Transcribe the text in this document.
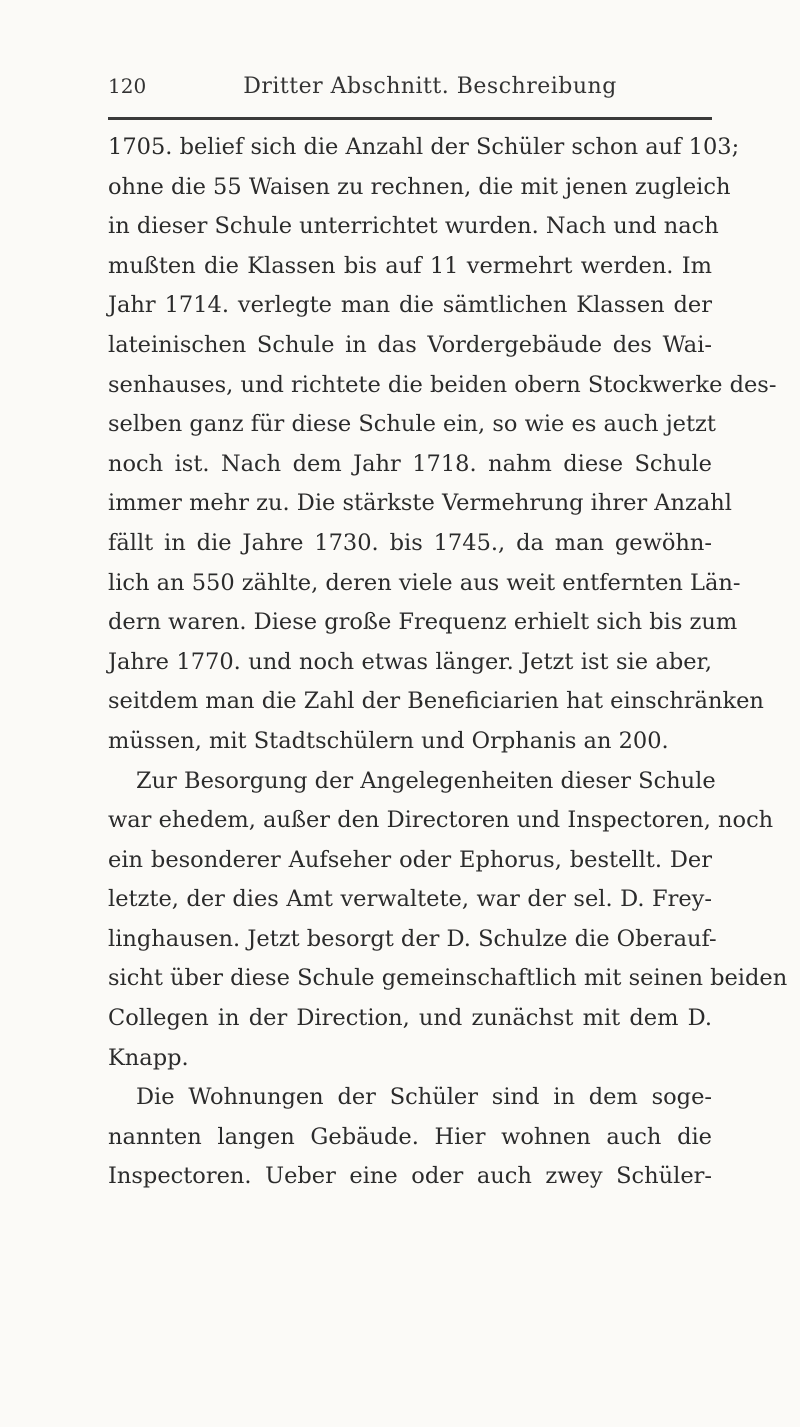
120	Dritter Abschnitt. Beschreibung
1705. belief sich die Anzahl der Schüler schon auf 103;
ohne die 55 Waisen zu rechnen, die mit jenen zugleich
in dieser Schule unterrichtet wurden. Nach und nach
mußten die Klassen bis auf 11 vermehrt werden. Im
Jahr 1714. verlegte man die sämtlichen Klassen der
lateinischen Schule in das Vordergebäude des Wai-
senhauses, und richtete die beiden obern Stockwerke des-
selben ganz für diese Schule ein, so wie es auch jetzt
noch ist. Nach dem Jahr 1718. nahm diese Schule
immer mehr zu. Die stärkste Vermehrung ihrer Anzahl
fällt in die Jahre 1730. bis 1745., da man gewöhn-
lich an 550 zählte, deren viele aus weit entfernten Län-
dern waren. Diese große Frequenz erhielt sich bis zum
Jahre 1770. und noch etwas länger. Jetzt ist sie aber,
seitdem man die Zahl der Beneficiarien hat einschränken
müssen, mit Stadtschülern und Orphanis an 200.
Zur Besorgung der Angelegenheiten dieser Schule
war ehedem, außer den Directoren und Inspectoren, noch
ein besonderer Aufseher oder Ephorus, bestellt. Der
letzte, der dies Amt verwaltete, war der sel. D. Frey-
linghausen. Jetzt besorgt der D. Schulze die Oberauf-
sicht über diese Schule gemeinschaftlich mit seinen beiden
Collegen in der Direction, und zunächst mit dem D.
Knapp.
Die Wohnungen der Schüler sind in dem soge-
nannten langen Gebäude. Hier wohnen auch die
Inspectoren. Ueber eine oder auch zwey Schüler-
